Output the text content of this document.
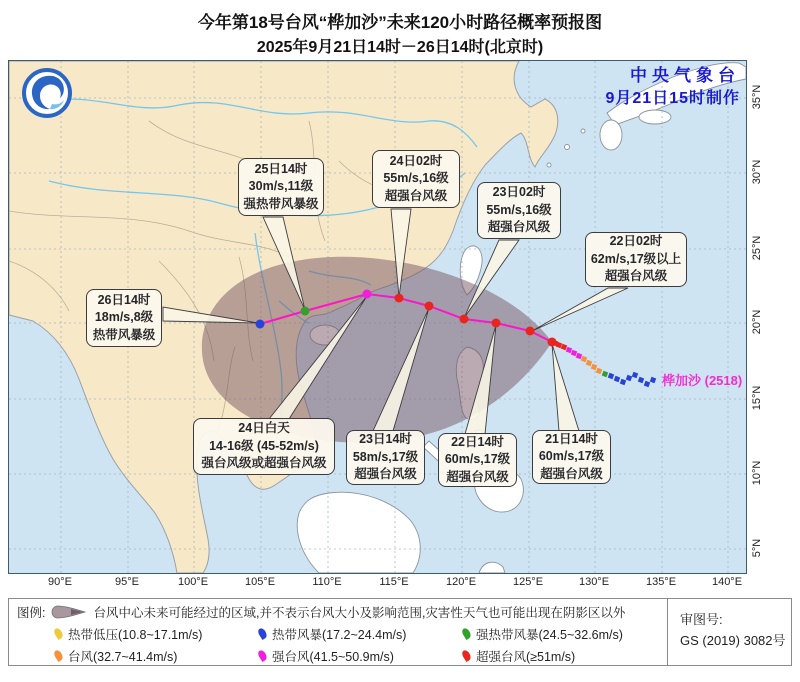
今年第18号台风“桦加沙”未来120小时路径概率预报图
2025年9月21日14时－26日14时(北京时)
中央气象台
9月21日15时制作
桦加沙 (2518)
26日14时
18m/s,8级
热带风暴级
25日14时
30m/s,11级
强热带风暴级
24日02时
55m/s,16级
超强台风级	23日02时
55m/s,16级
超强台风级
22日02时
62m/s,17级以上
超强台风级
24日白天
14-16级 (45-52m/s)
强台风级或超强台风级
23日14时
58m/s,17级
超强台风级
22日14时
60m/s,17级
超强台风级
21日14时
60m/s,17级
超强台风级
90°E	95°E	100°E	105°E	110°E	115°E	120°E	125°E	130°E	135°E	140°E
35°N
30°N
25°N
20°N
15°N
10°N
5°N
图例:	台风中心未来可能经过的区域,并不表示台风大小及影响范围,灾害性天气也可能出现在阴影区以外
热带低压(10.8~17.1m/s)	热带风暴(17.2~24.4m/s)	强热带风暴(24.5~32.6m/s)
台风(32.7~41.4m/s)	强台风(41.5~50.9m/s)	超强台风(≥51m/s)
审图号:
GS (2019) 3082号
